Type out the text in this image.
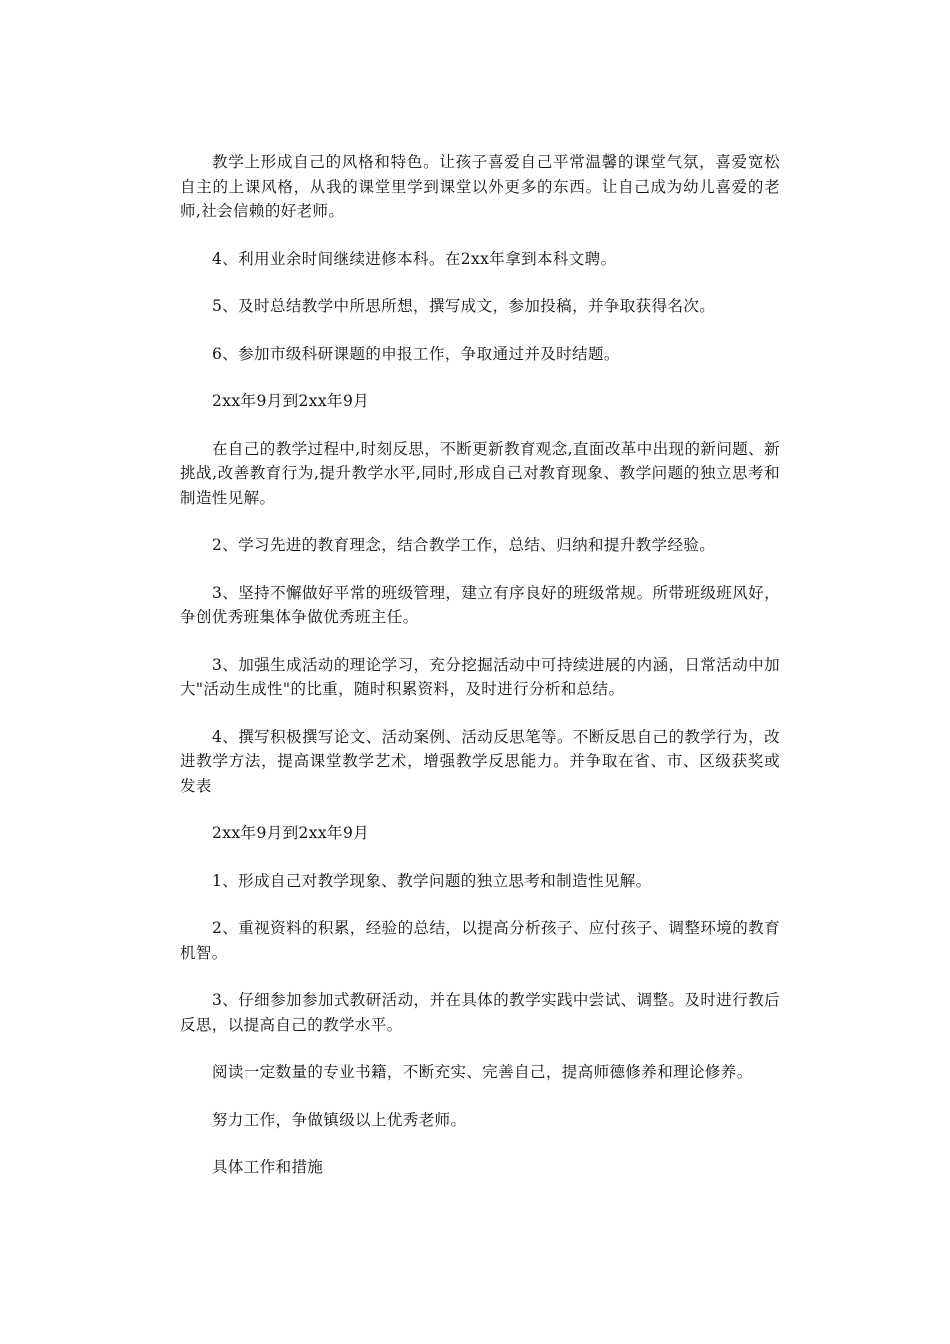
教学上形成自己的风格和特色。让孩子喜爱自己平常温馨的课堂气氛，喜爱宽松自主的上课风格，从我的课堂里学到课堂以外更多的东西。让自己成为幼儿喜爱的老师,社会信赖的好老师。

4、利用业余时间继续进修本科。在2xx年拿到本科文聘。

5、及时总结教学中所思所想，撰写成文，参加投稿，并争取获得名次。

6、参加市级科研课题的申报工作，争取通过并及时结题。

2xx年9月到2xx年9月

在自己的教学过程中,时刻反思，不断更新教育观念,直面改革中出现的新问题、新挑战,改善教育行为,提升教学水平,同时,形成自己对教育现象、教学问题的独立思考和制造性见解。

2、学习先进的教育理念，结合教学工作，总结、归纳和提升教学经验。

3、坚持不懈做好平常的班级管理，建立有序良好的班级常规。所带班级班风好，争创优秀班集体争做优秀班主任。

3、加强生成活动的理论学习，充分挖掘活动中可持续进展的内涵，日常活动中加大"活动生成性"的比重，随时积累资料，及时进行分析和总结。

4、撰写积极撰写论文、活动案例、活动反思笔等。不断反思自己的教学行为，改进教学方法，提高课堂教学艺术，增强教学反思能力。并争取在省、市、区级获奖或发表

2xx年9月到2xx年9月

1、形成自己对教学现象、教学问题的独立思考和制造性见解。

2、重视资料的积累，经验的总结，以提高分析孩子、应付孩子、调整环境的教育机智。

3、仔细参加参加式教研活动，并在具体的教学实践中尝试、调整。及时进行教后反思，以提高自己的教学水平。

阅读一定数量的专业书籍，不断充实、完善自己，提高师德修养和理论修养。

努力工作，争做镇级以上优秀老师。

具体工作和措施
